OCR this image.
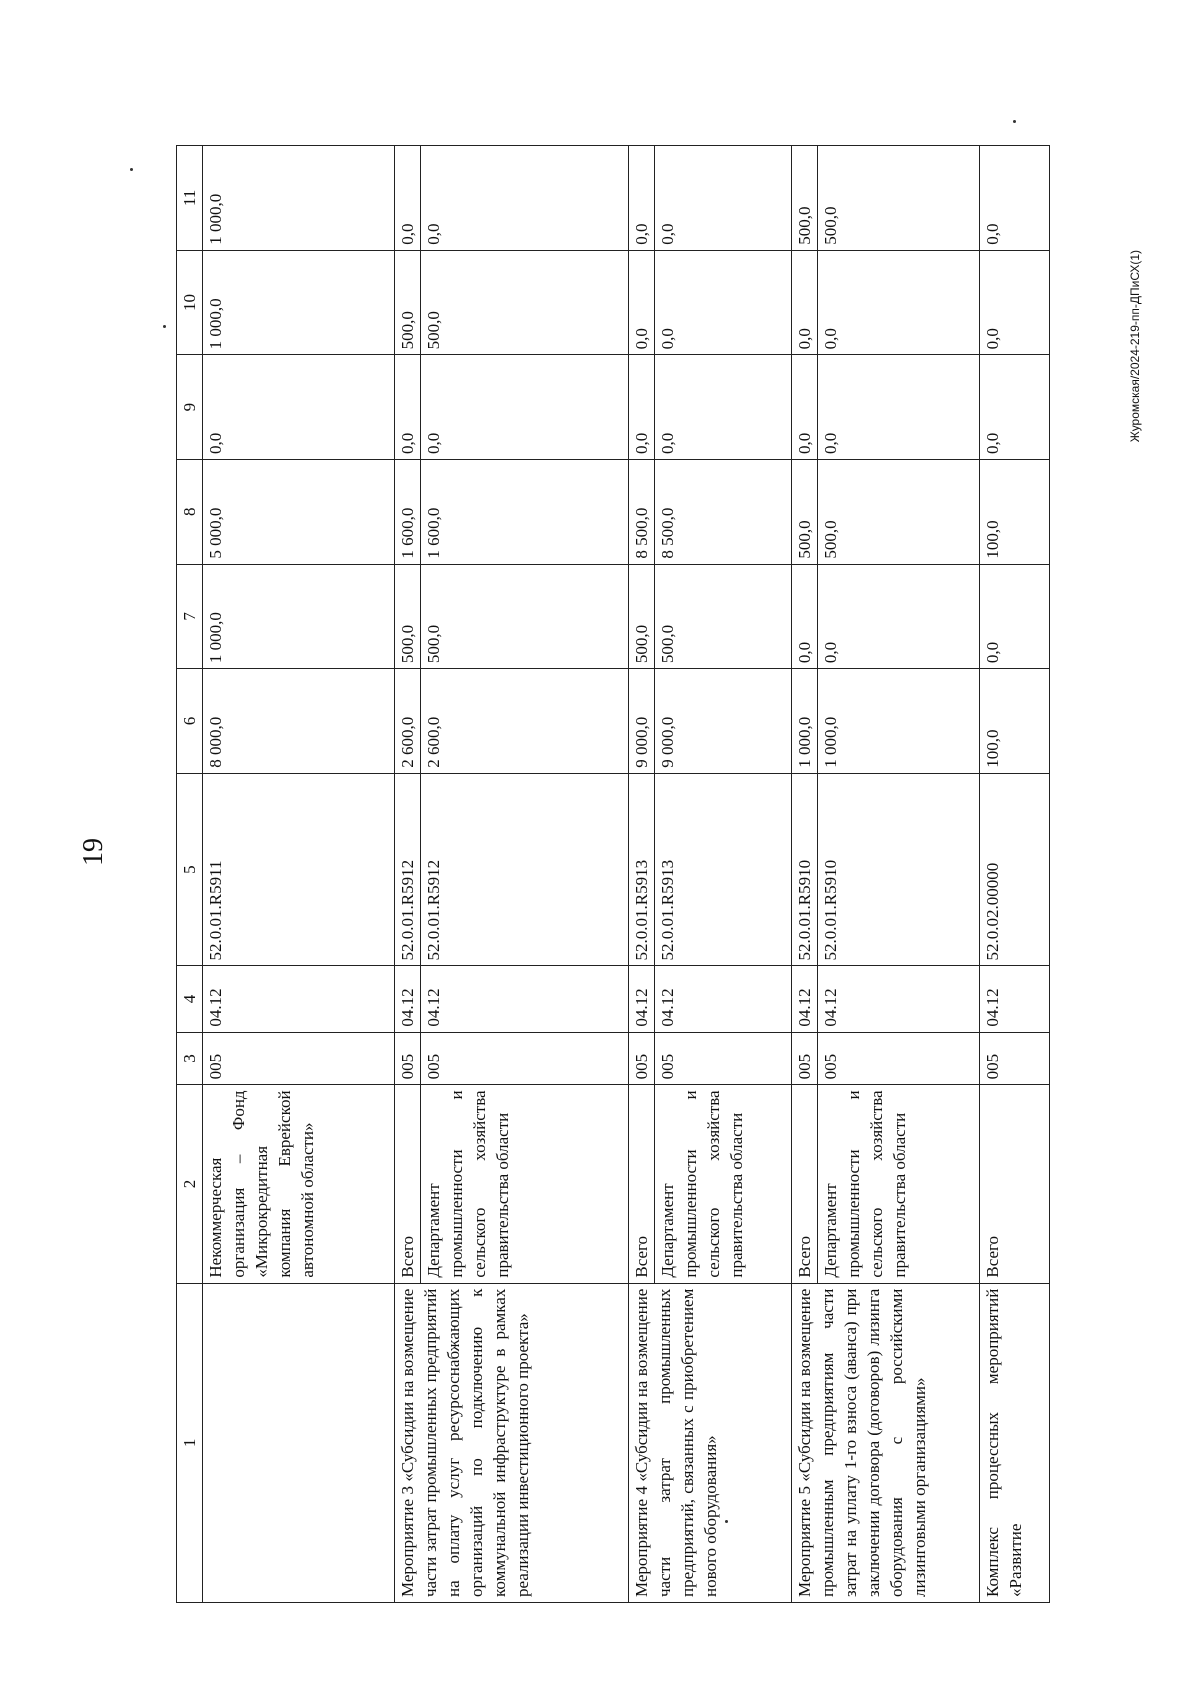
19
Журомская/2024-219-пп-ДПиСХ(1)
1	2	3	4	5	6	7	8	9	10	11
	Некоммерческая организация – Фонд «Микрокредитная компания Еврейской автономной области»	005	04.12	52.0.01.R5911	8 000,0	1 000,0	5 000,0	0,0	1 000,0	1 000,0
Мероприятие 3 «Субсидии на возмещение части затрат промышленных предприятий на оплату услуг ресурсоснабжающих организаций по подключению к коммунальной инфраструктуре в рамках реализации инвестиционного проекта»	Всего	005	04.12	52.0.01.R5912	2 600,0	500,0	1 600,0	0,0	500,0	0,0
	Департамент промышленности и сельского хозяйства правительства области	005	04.12	52.0.01.R5912	2 600,0	500,0	1 600,0	0,0	500,0	0,0
Мероприятие 4 «Субсидии на возмещение части затрат промышленных предприятий, связанных с приобретением нового оборудования»	Всего	005	04.12	52.0.01.R5913	9 000,0	500,0	8 500,0	0,0	0,0	0,0
	Департамент промышленности и сельского хозяйства правительства области	005	04.12	52.0.01.R5913	9 000,0	500,0	8 500,0	0,0	0,0	0,0
Мероприятие 5 «Субсидии на возмещение промышленным предприятиям части затрат на уплату 1-го взноса (аванса) при заключении договора (договоров) лизинга оборудования с российскими лизинговыми организациями»	Всего	005	04.12	52.0.01.R5910	1 000,0	0,0	500,0	0,0	0,0	500,0
	Департамент промышленности и сельского хозяйства правительства области	005	04.12	52.0.01.R5910	1 000,0	0,0	500,0	0,0	0,0	500,0
Комплекс процессных мероприятий «Развитие	Всего	005	04.12	52.0.02.00000	100,0	0,0	100,0	0,0	0,0	0,0
